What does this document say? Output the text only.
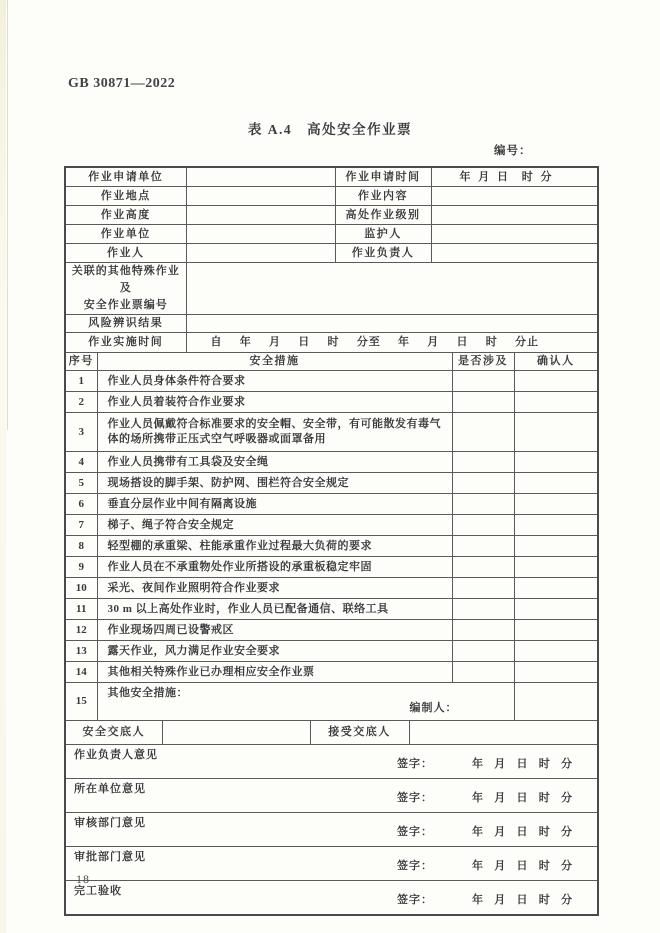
GB 30871—2022
表 A.4　高处安全作业票
编号：
作业申请单位		作业申请时间	年 月 日 时 分

作业地点		作业内容	
作业高度		高处作业级别	
作业单位		监护人	
作业人		作业负责人	
关联的其他特殊作业及
安全作业票编号	

风险辨识结果	
作业实施时间	自 年 月 日 时 分至 年 月 日 时 分止
序号	安全措施	是否涉及	确认人
1	作业人员身体条件符合要求		
2	作业人员着装符合作业要求		
3	作业人员佩戴符合标准要求的安全帽、安全带，有可能散发有毒气体的场所携带正压式空气呼吸器或面罩备用		
4	作业人员携带有工具袋及安全绳		
5	现场搭设的脚手架、防护网、围栏符合安全规定		
6	垂直分层作业中间有隔离设施		
7	梯子、绳子符合安全规定		
8	轻型棚的承重梁、柱能承重作业过程最大负荷的要求		
9	作业人员在不承重物处作业所搭设的承重板稳定牢固		
10	采光、夜间作业照明符合作业要求		
11	30 m 以上高处作业时，作业人员已配备通信、联络工具		
12	作业现场四周已设警戒区		
13	露天作业，风力满足作业安全要求		
14	其他相关特殊作业已办理相应安全作业票		
15	其他安全措施：
编制人：		

安全交底人		接受交底人	
作业负责人意见
签字：	年 月 日 时 分

所在单位意见
签字：	年 月 日 时 分

审核部门意见
签字：	年 月 日 时 分

审批部门意见
签字：	年 月 日 时 分

完工验收
签字：	年 月 日 时 分
18
